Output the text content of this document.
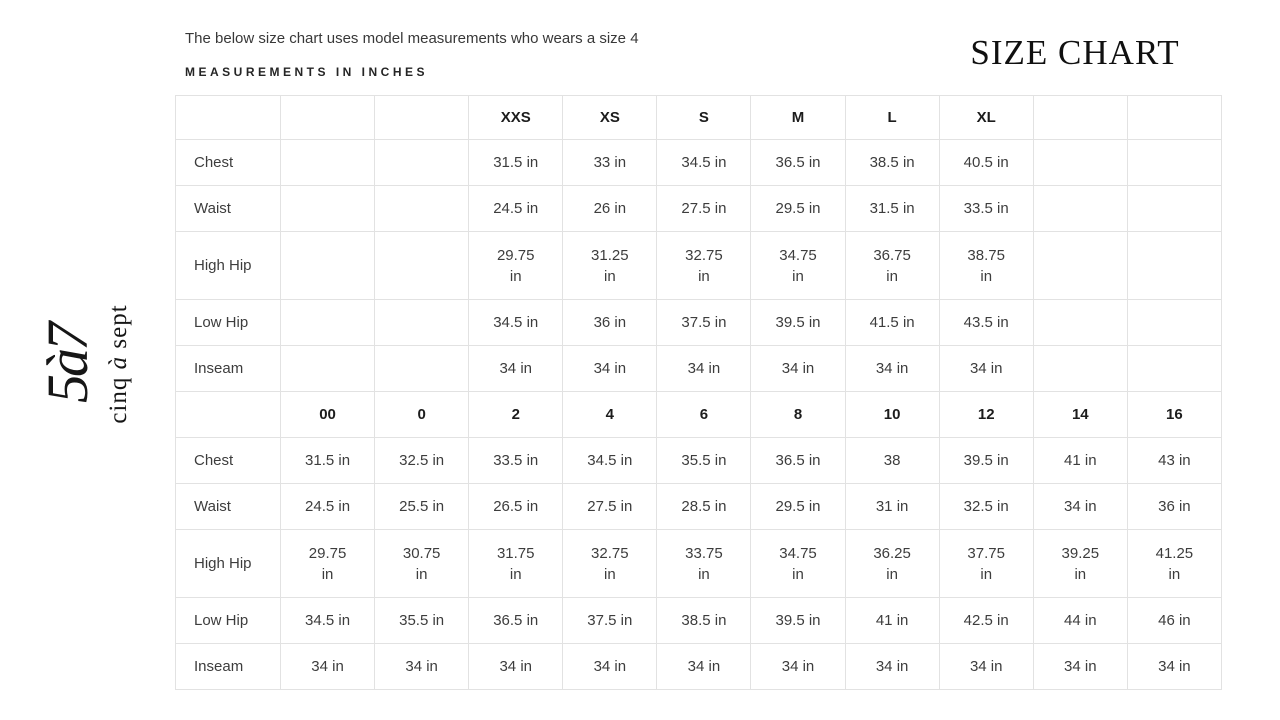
The below size chart uses model measurements who wears a size 4
MEASUREMENTS IN INCHES	SIZE CHART
5à7 cinq à sept
			XXS	XS	S	M	L	XL		
Chest			31.5 in	33 in	34.5 in	36.5 in	38.5 in	40.5 in		
Waist			24.5 in	26 in	27.5 in	29.5 in	31.5 in	33.5 in		
High Hip			29.75 in	31.25 in	32.75 in	34.75 in	36.75 in	38.75 in		
Low Hip			34.5 in	36 in	37.5 in	39.5 in	41.5 in	43.5 in		
Inseam			34 in	34 in	34 in	34 in	34 in	34 in		
	00	0	2	4	6	8	10	12	14	16
Chest	31.5 in	32.5 in	33.5 in	34.5 in	35.5 in	36.5 in	38	39.5 in	41 in	43 in
Waist	24.5 in	25.5 in	26.5 in	27.5 in	28.5 in	29.5 in	31 in	32.5 in	34 in	36 in
High Hip	29.75 in	30.75 in	31.75 in	32.75 in	33.75 in	34.75 in	36.25 in	37.75 in	39.25 in	41.25 in
Low Hip	34.5 in	35.5 in	36.5 in	37.5 in	38.5 in	39.5 in	41 in	42.5 in	44 in	46 in
Inseam	34 in	34 in	34 in	34 in	34 in	34 in	34 in	34 in	34 in	34 in
